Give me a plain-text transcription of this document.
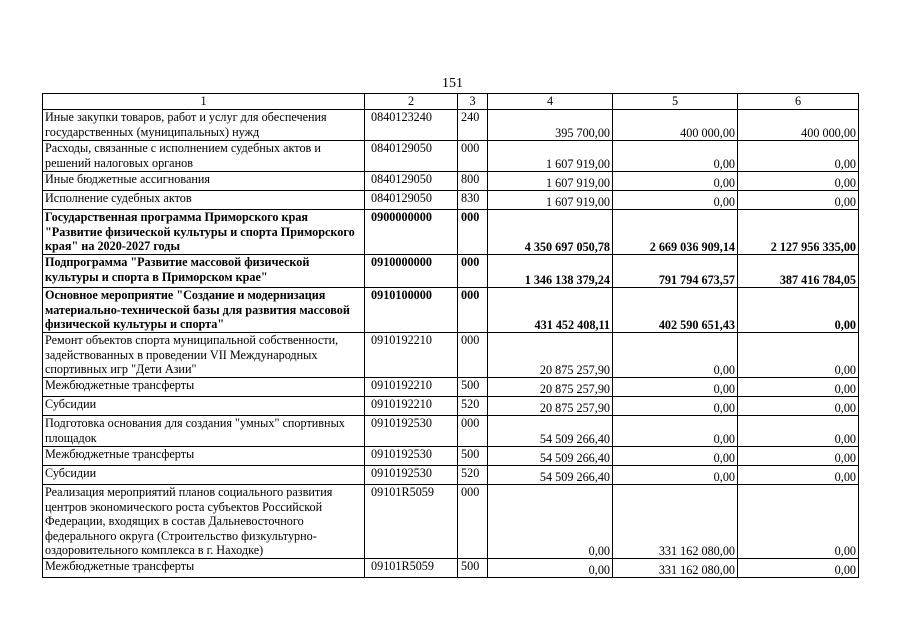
151
1	2	3	4	5	6
Иные закупки товаров, работ и услуг для обеспечения государственных (муниципальных) нужд	0840123240	240	395 700,00	400 000,00	400 000,00
Расходы, связанные с исполнением судебных актов и решений налоговых органов	0840129050	000	1 607 919,00	0,00	0,00
Иные бюджетные ассигнования	0840129050	800	1 607 919,00	0,00	0,00
Исполнение судебных актов	0840129050	830	1 607 919,00	0,00	0,00
Государственная программа Приморского края "Развитие физической культуры и спорта Приморского края" на 2020-2027 годы	0900000000	000	4 350 697 050,78	2 669 036 909,14	2 127 956 335,00
Подпрограмма "Развитие массовой физической культуры и спорта в Приморском крае"	0910000000	000	1 346 138 379,24	791 794 673,57	387 416 784,05
Основное мероприятие "Создание и модернизация материально-технической базы для развития массовой физической культуры и спорта"	0910100000	000	431 452 408,11	402 590 651,43	0,00
Ремонт объектов спорта муниципальной собственности, задействованных в проведении VII Международных спортивных игр "Дети Азии"	0910192210	000	20 875 257,90	0,00	0,00
Межбюджетные трансферты	0910192210	500	20 875 257,90	0,00	0,00
Субсидии	0910192210	520	20 875 257,90	0,00	0,00
Подготовка основания для создания "умных" спортивных площадок	0910192530	000	54 509 266,40	0,00	0,00
Межбюджетные трансферты	0910192530	500	54 509 266,40	0,00	0,00
Субсидии	0910192530	520	54 509 266,40	0,00	0,00
Реализация мероприятий планов социального развития центров экономического роста субъектов Российской Федерации, входящих в состав Дальневосточного федерального округа (Строительство физкультурно-оздоровительного комплекса в г. Находке)	09101R5059	000	0,00	331 162 080,00	0,00
Межбюджетные трансферты	09101R5059	500	0,00	331 162 080,00	0,00
